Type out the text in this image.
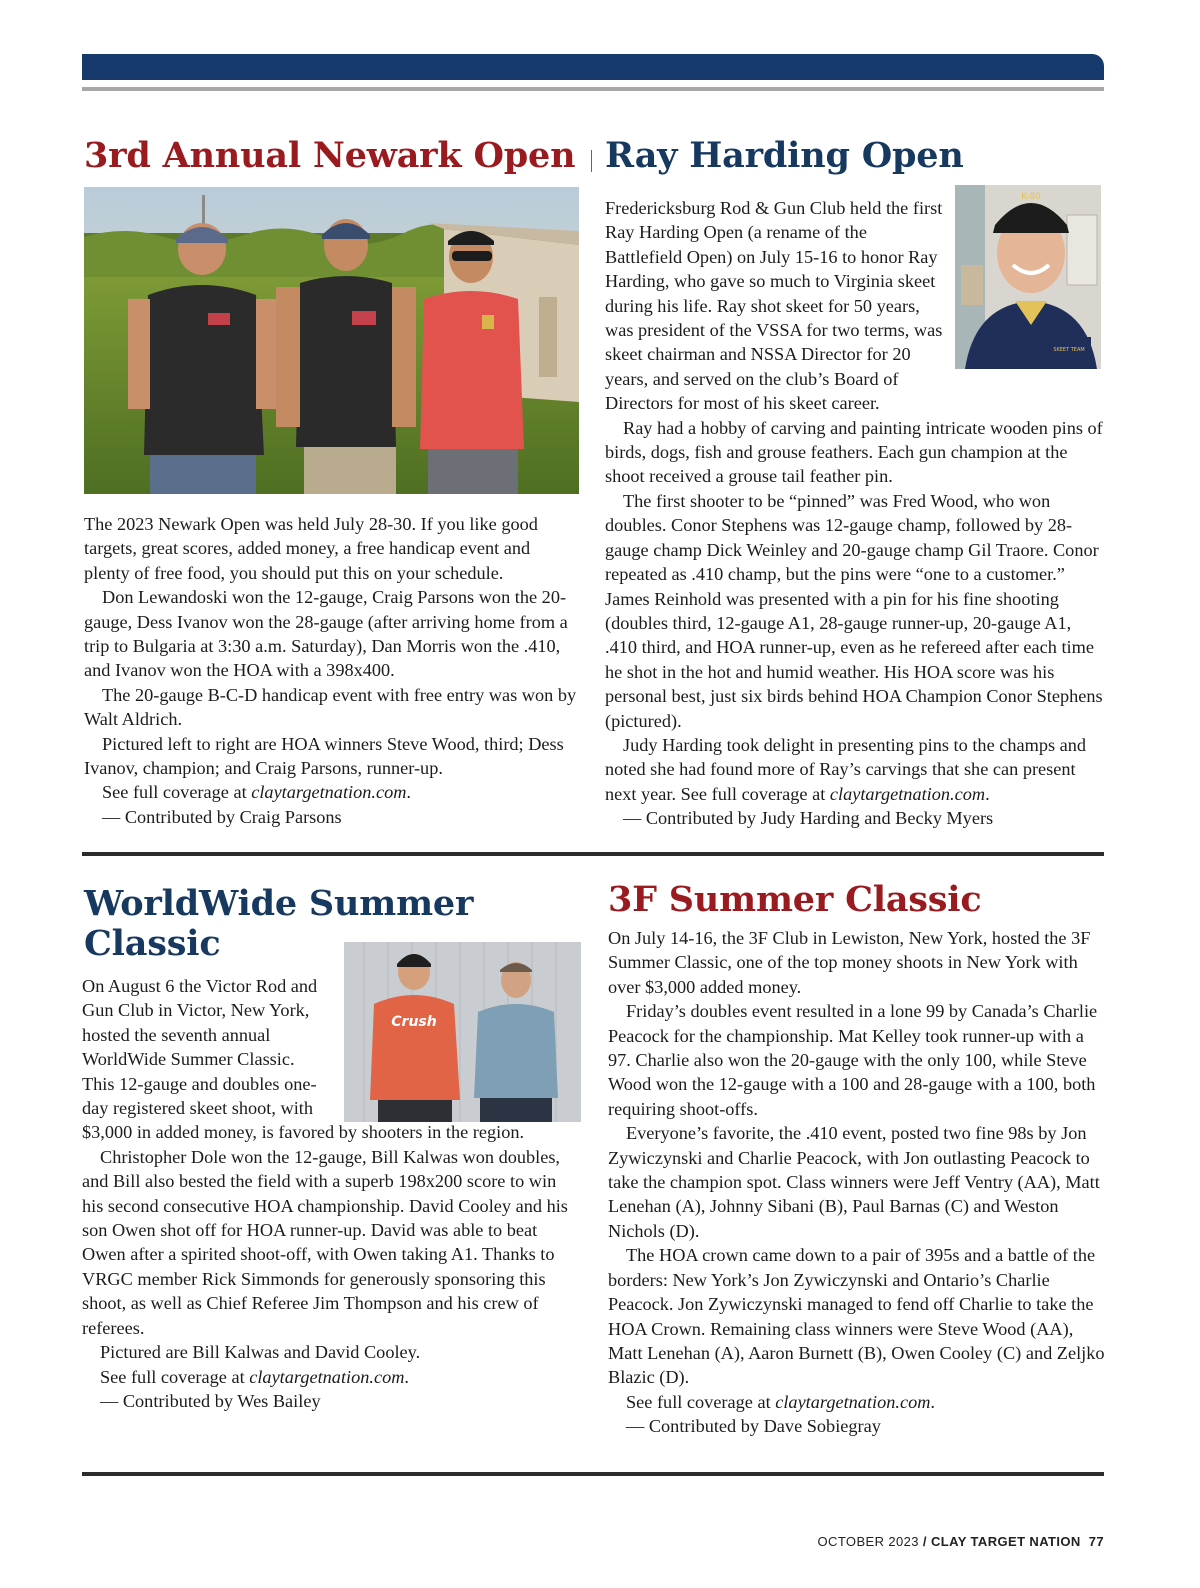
3rd Annual Newark Open

The 2023 Newark Open was held July 28-30. If you like good targets, great scores, added money, a free handicap event and plenty of free food, you should put this on your schedule.

Don Lewandoski won the 12-gauge, Craig Parsons won the 20-gauge, Dess Ivanov won the 28-gauge (after arriving home from a trip to Bulgaria at 3:30 a.m. Saturday), Dan Morris won the .410, and Ivanov won the HOA with a 398x400.

The 20-gauge B-C-D handicap event with free entry was won by Walt Aldrich.

Pictured left to right are HOA winners Steve Wood, third; Dess Ivanov, champion; and Craig Parsons, runner-up.

See full coverage at claytargetnation.com.

— Contributed by Craig Parsons

Ray Harding Open
K-80
SKEET TEAM

Fredericksburg Rod & Gun Club held the first Ray Harding Open (a rename of the Battlefield Open) on July 15-16 to honor Ray Harding, who gave so much to Virginia skeet during his life. Ray shot skeet for 50 years, was president of the VSSA for two terms, was skeet chairman and NSSA Director for 20 years, and served on the club’s Board of Directors for most of his skeet career.

Ray had a hobby of carving and painting intricate wooden pins of birds, dogs, fish and grouse feathers. Each gun champion at the shoot received a grouse tail feather pin.

The first shooter to be “pinned” was Fred Wood, who won doubles. Conor Stephens was 12-gauge champ, followed by 28-gauge champ Dick Weinley and 20-gauge champ Gil Traore. Conor repeated as .410 champ, but the pins were “one to a customer.” James Reinhold was presented with a pin for his fine shooting (doubles third, 12-gauge A1, 28-gauge runner-up, 20-gauge A1, .410 third, and HOA runner-up, even as he refereed after each time he shot in the hot and humid weather. His HOA score was his personal best, just six birds behind HOA Champion Conor Stephens (pictured).

Judy Harding took delight in presenting pins to the champs and noted she had found more of Ray’s carvings that she can present next year. See full coverage at claytargetnation.com.

— Contributed by Judy Harding and Becky Myers

WorldWide Summer
Classic
Crush

On August 6 the Victor Rod and Gun Club in Victor, New York, hosted the seventh annual WorldWide Summer Classic. This 12-gauge and doubles one-day registered skeet shoot, with $3,000 in added money, is favored by shooters in the region.

Christopher Dole won the 12-gauge, Bill Kalwas won doubles, and Bill also bested the field with a superb 198x200 score to win his second consecutive HOA championship. David Cooley and his son Owen shot off for HOA runner-up. David was able to beat Owen after a spirited shoot-off, with Owen taking A1. Thanks to VRGC member Rick Simmonds for generously sponsoring this shoot, as well as Chief Referee Jim Thompson and his crew of referees.

Pictured are Bill Kalwas and David Cooley.

See full coverage at claytargetnation.com.

— Contributed by Wes Bailey

3F Summer Classic

On July 14-16, the 3F Club in Lewiston, New York, hosted the 3F Summer Classic, one of the top money shoots in New York with over $3,000 added money.

Friday’s doubles event resulted in a lone 99 by Canada’s Charlie Peacock for the championship. Mat Kelley took runner-up with a 97. Charlie also won the 20-gauge with the only 100, while Steve Wood won the 12-gauge with a 100 and 28-gauge with a 100, both requiring shoot-offs.

Everyone’s favorite, the .410 event, posted two fine 98s by Jon Zywiczynski and Charlie Peacock, with Jon outlasting Peacock to take the champion spot. Class winners were Jeff Ventry (AA), Matt Lenehan (A), Johnny Sibani (B), Paul Barnas (C) and Weston Nichols (D).

The HOA crown came down to a pair of 395s and a battle of the borders: New York’s Jon Zywiczynski and Ontario’s Charlie Peacock. Jon Zywiczynski managed to fend off Charlie to take the HOA Crown. Remaining class winners were Steve Wood (AA), Matt Lenehan (A), Aaron Burnett (B), Owen Cooley (C) and Zeljko Blazic (D).

See full coverage at claytargetnation.com.

— Contributed by Dave Sobiegray

OCTOBER 2023 / CLAY TARGET NATION 77
